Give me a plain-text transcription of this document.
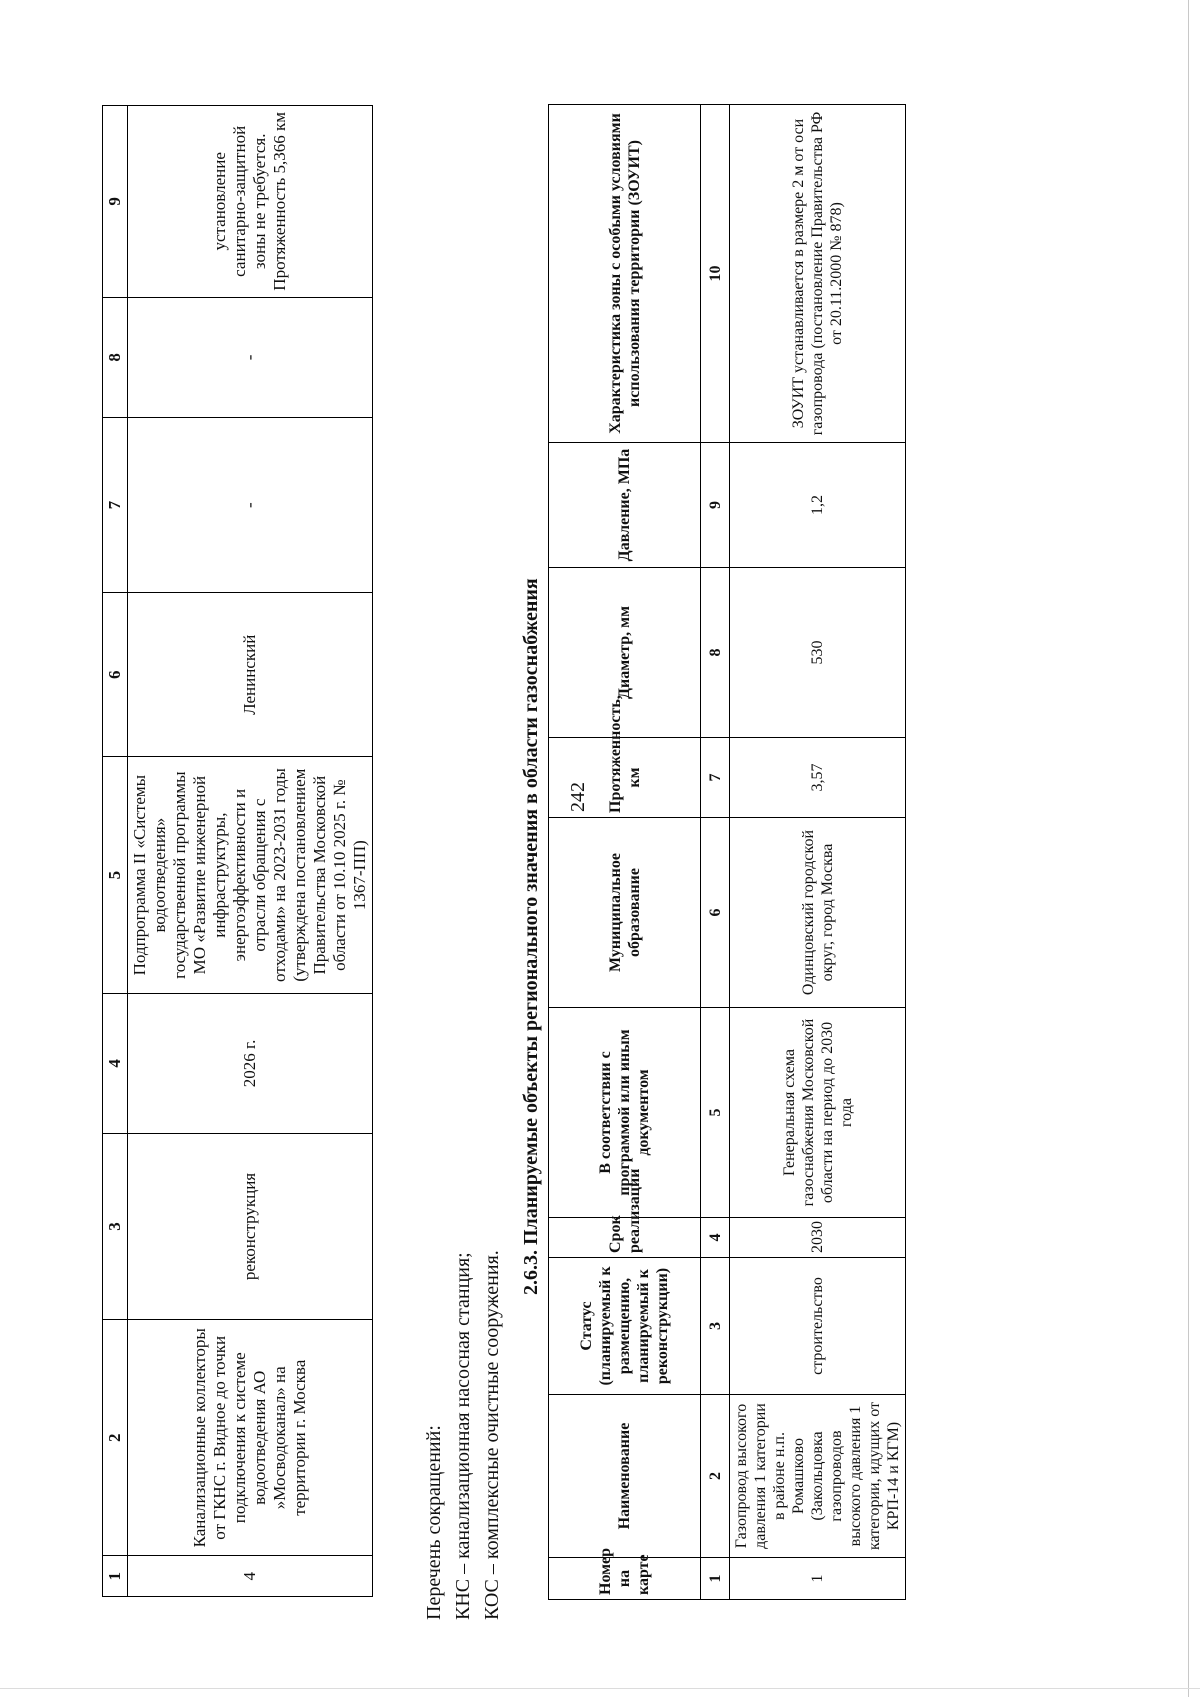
242
1	2	3	4	5	6	7	8	9
4	Канализационные коллекторы от ГКНС г. Видное до точки подключения к системе водоотведения АО »Мосводоканал» на территории г. Москва	реконструкция	2026 г.	Подпрограмма II «Системы водоотведения» государственной программы МО «Развитие инженерной инфраструктуры, энергоэффективности и отрасли обращения с отходами» на 2023-2031 годы (утверждена постановлением Правительства Московской области от 10.10 2025 г. № 1367-ПП)	Ленинский	-	-	установление санитарно-защитной зоны не требуется. Протяженность 5,366 км
Перечень сокращений: КНС – канализационная насосная станция; КОС – комплексные очистные сооружения.
2.6.3. Планируемые объекты регионального значения в области газоснабжения
Номер на карте	Наименование	Статус (планируемый к размещению, планируемый к реконструкции)	Срок реализации	В соответствии с программой или иным документом	Муниципальное образование	Протяженность, км	Диаметр, мм	Давление, МПа	Характеристика зоны с особыми условиями использования территории (ЗОУИТ)
1	2	3	4	5	6	7	8	9	10
1	Газопровод высокого давления 1 категории в районе н.п. Ромашково (Закольцовка газопроводов высокого давления 1 категории, идущих от КРП-14 и КГМ)	строительство	2030	Генеральная схема газоснабжения Московской области на период до 2030 года	Одинцовский городской округ, город Москва	3,57	530	1,2	ЗОУИТ устанавливается в размере 2 м от оси газопровода (постановление Правительства РФ от 20.11.2000 № 878)
